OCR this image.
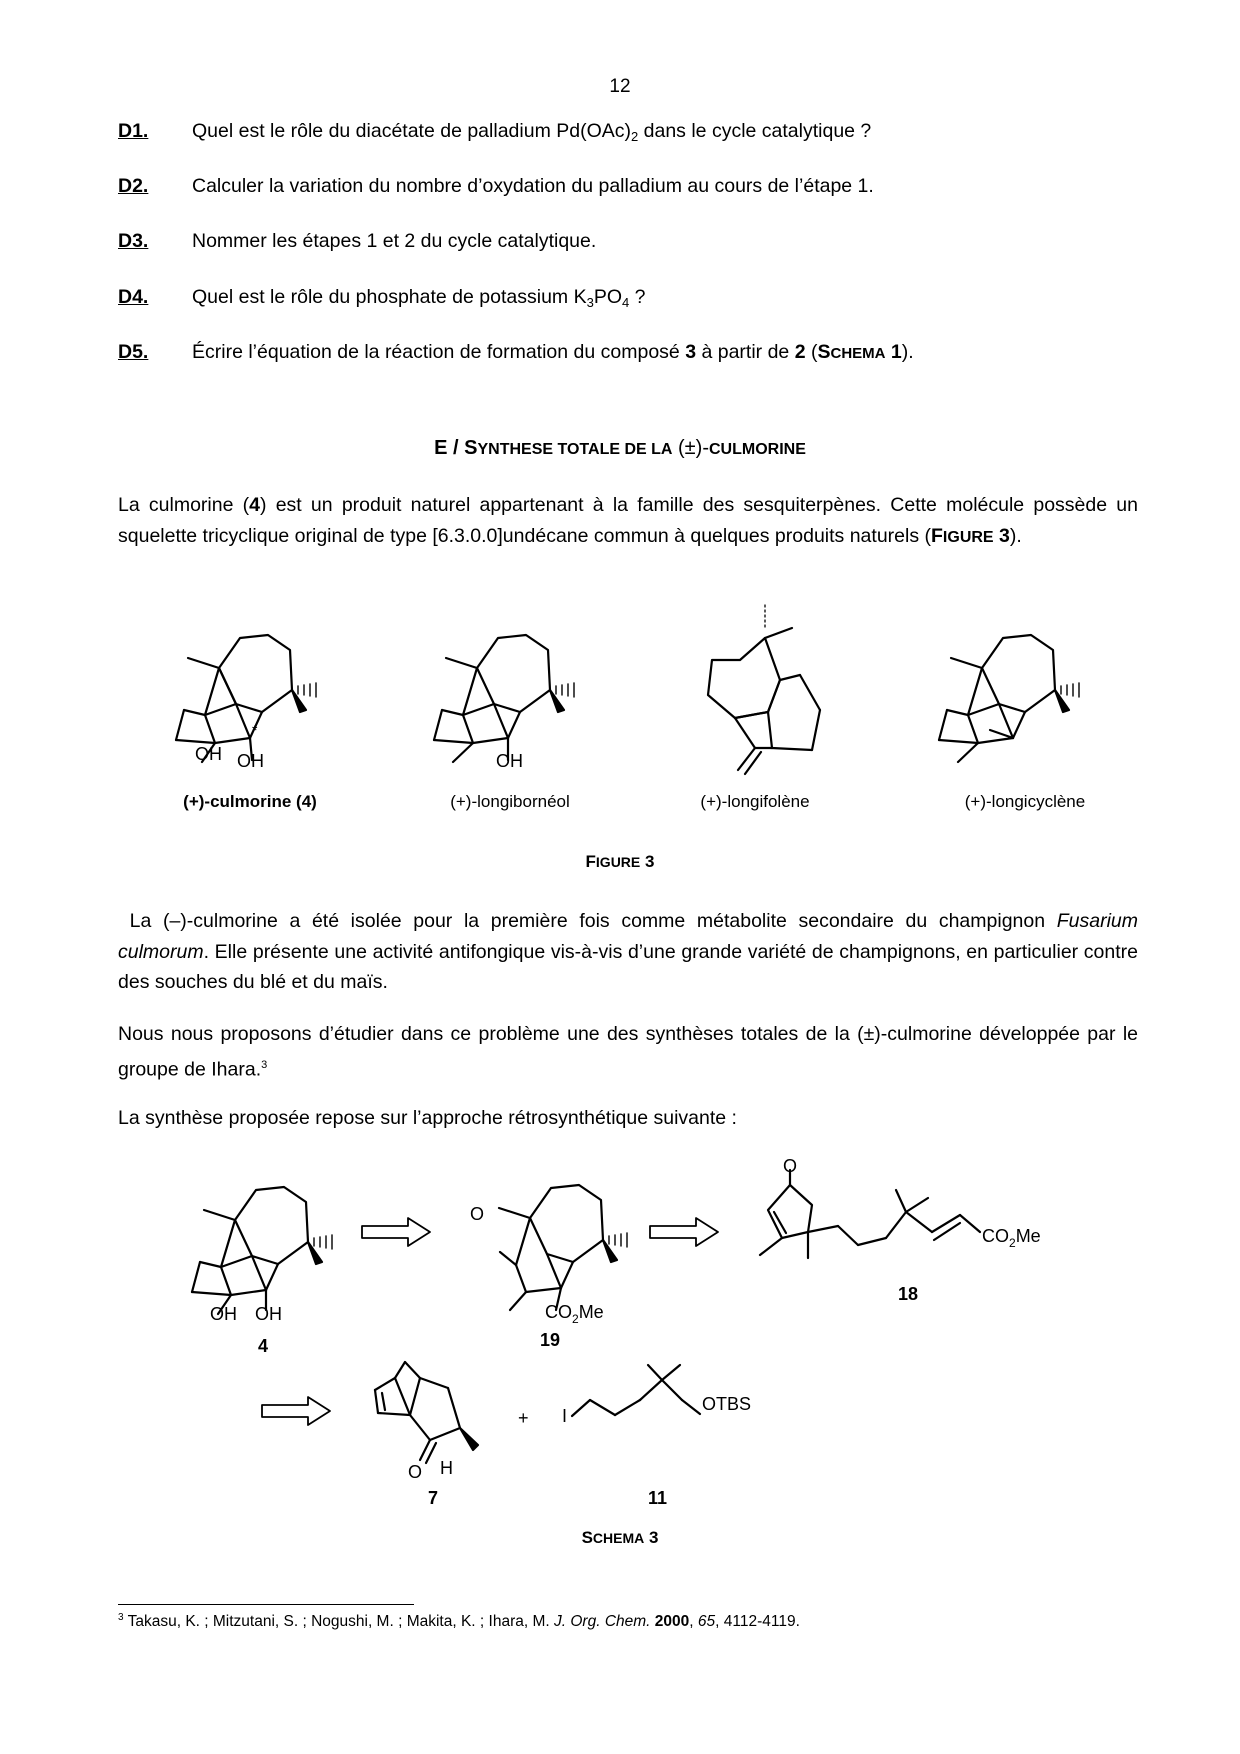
12
D1. Quel est le rôle du diacétate de palladium $Pd(OAc)_2$ dans le cycle catalytique ?
D2. Calculer la variation du nombre d’oxydation du palladium au cours de l’étape 1.
D3. Nommer les étapes 1 et 2 du cycle catalytique.
D4. Quel est le rôle du phosphate de potassium $K_3PO_4$ ?
D5. Écrire l’équation de la réaction de formation du composé 3 à partir de 2 (SCHEMA 1).
E / SYNTHESE TOTALE DE LA (±)-CULMORINE
La culmorine (4) est un produit naturel appartenant à la famille des sesquiterpènes. Cette molécule possède un squelette tricyclique original de type [6.3.0.0]undécane commun à quelques produits naturels (FIGURE 3).
OH OH
*
OH
(+)-culmorine (4)	(+)-longibornéol	(+)-longifolène	(+)-longicyclène
FIGURE 3
La (–)-culmorine a été isolée pour la première fois comme métabolite secondaire du champignon Fusarium culmorum. Elle présente une activité antifongique vis-à-vis d’une grande variété de champignons, en particulier contre des souches du blé et du maïs.
Nous nous proposons d’étudier dans ce problème une des synthèses totales de la (±)-culmorine développée par le groupe de Ihara.$^3$
La synthèse proposée repose sur l’approche rétrosynthétique suivante :
OH OH
4
O
$CO_2Me$
19
O
$CO_2Me$
18
O H
7
+ I
OTBS
11
SCHEMA 3
$^3$ Takasu, K. ; Mitzutani, S. ; Nogushi, M. ; Makita, K. ; Ihara, M. J. Org. Chem. 2000, 65, 4112-4119.
